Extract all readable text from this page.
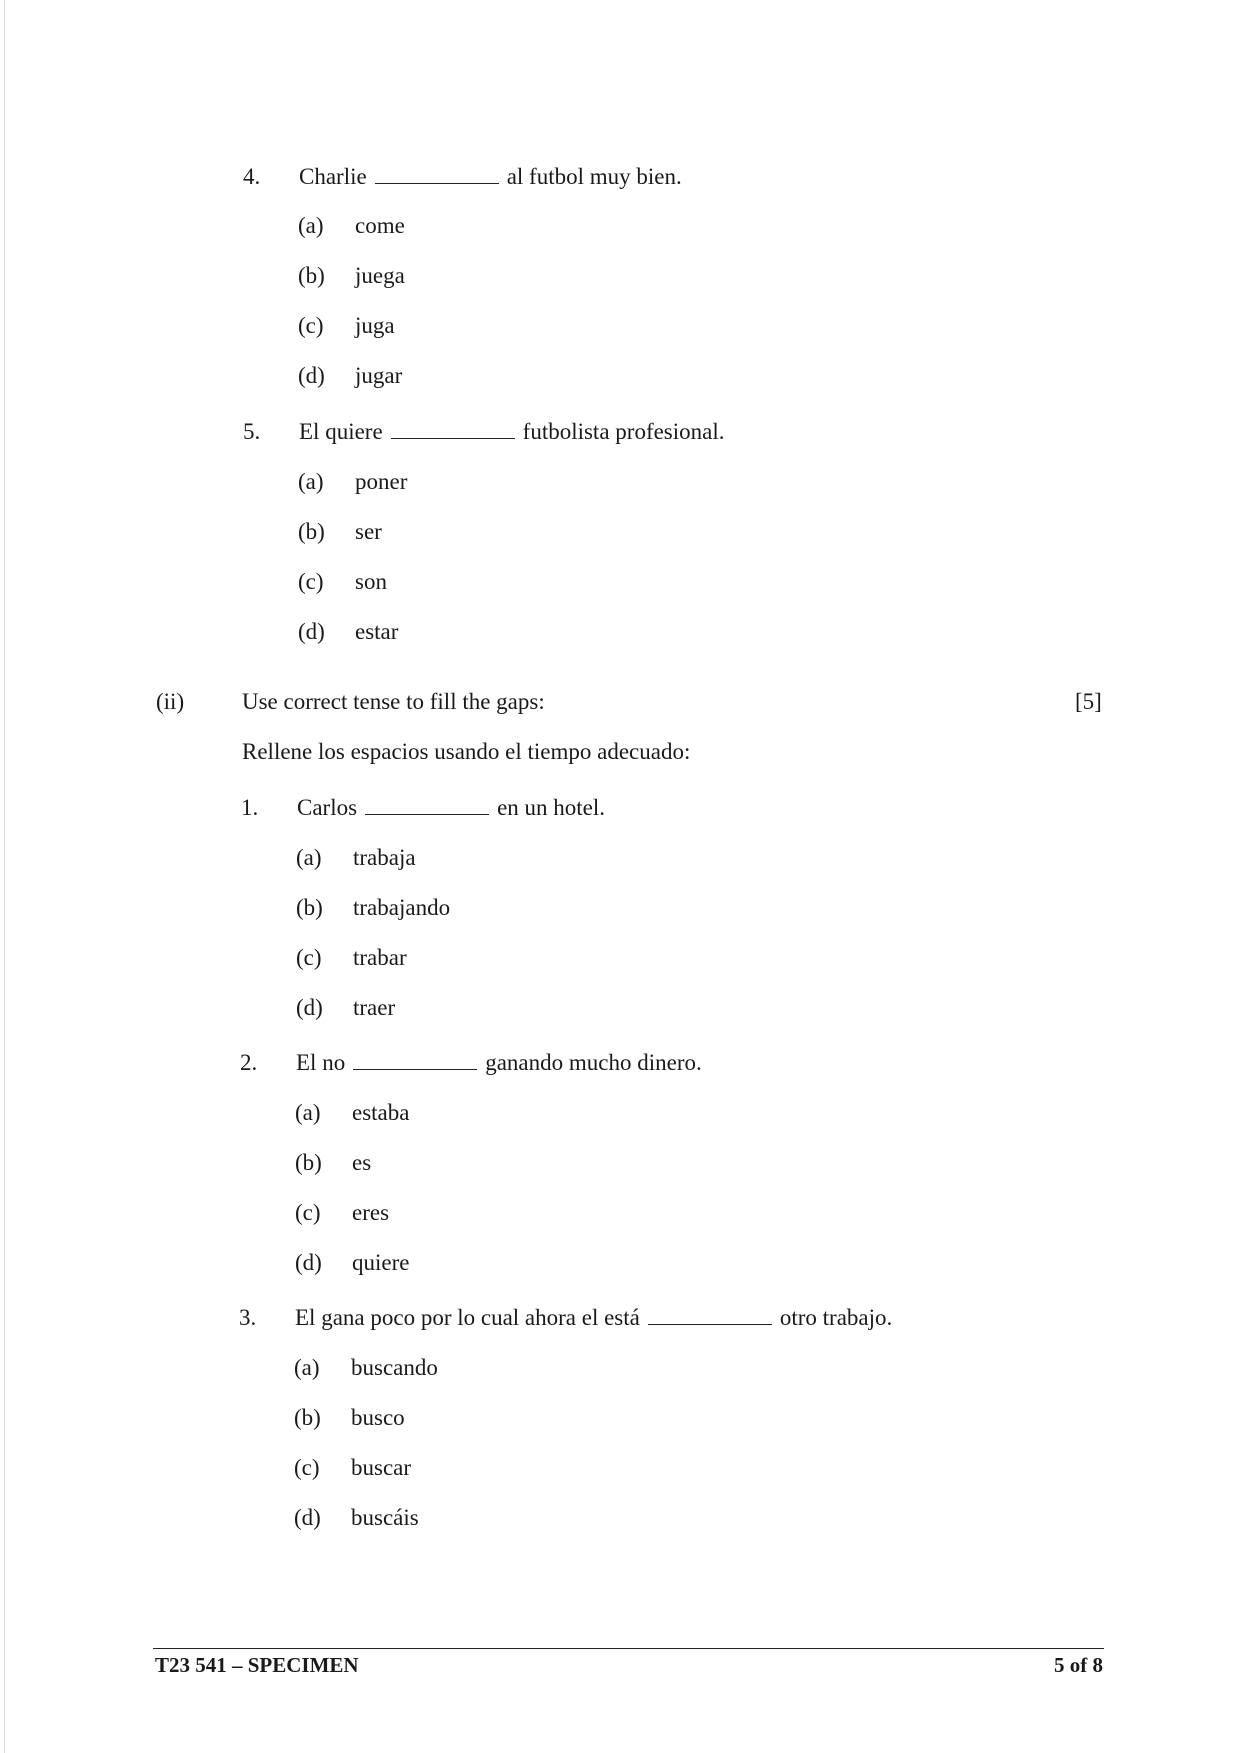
4. Charlie	al futbol muy bien.
(a) come
(b) juega
(c) juga
(d) jugar
5. El quiere	futbolista profesional.
(a) poner
(b) ser
(c) son
(d) estar
(ii)	Use correct tense to fill the gaps:	[5]
Rellene los espacios usando el tiempo adecuado:
1. Carlos	en un hotel.
(a) trabaja
(b) trabajando
(c) trabar
(d) traer
2. El no	ganando mucho dinero.
(a) estaba
(b) es
(c) eres
(d) quiere
3. El gana poco por lo cual ahora el está	otro trabajo.
(a) buscando
(b) busco
(c) buscar
(d) buscáis
T23 541 – SPECIMEN	5 of 8
